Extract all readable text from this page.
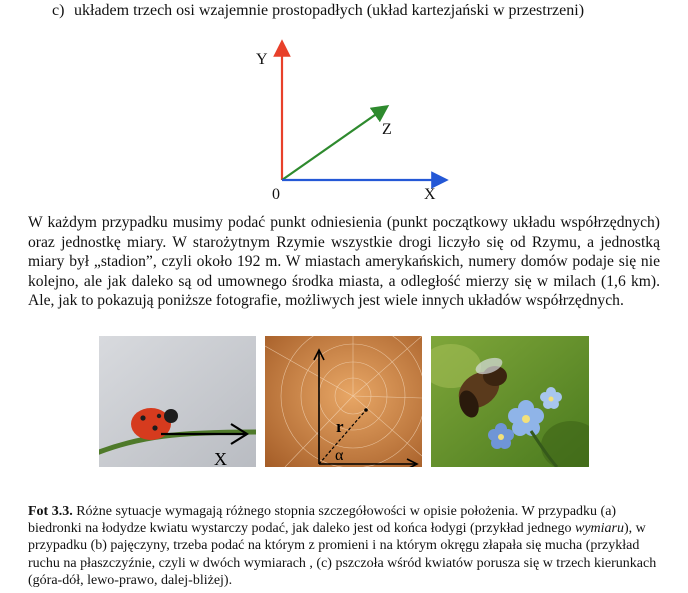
c) układem trzech osi wzajemnie prostopadłych (układ kartezjański w przestrzeni)
Y
Z
X
0
W każdym przypadku musimy podać punkt odniesienia (punkt początkowy układu współrzędnych) oraz jednostkę miary. W starożytnym Rzymie wszystkie drogi liczyło się od Rzymu, a jednostką miary był „stadion”, czyli około 192 m. W miastach amerykańskich, numery domów podaje się nie kolejno, ale jak daleko są od umownego środka miasta, a odległość mierzy się w milach (1,6 km). Ale, jak to pokazują poniższe fotografie, możliwych jest wiele innych układów współrzędnych.
X
r
α
Fot 3.3. Różne sytuacje wymagają różnego stopnia szczegółowości w opisie położenia. W przypadku (a) biedronki na łodydze kwiatu wystarczy podać, jak daleko jest od końca łodygi (przykład jednego wymiaru), w przypadku (b) pajęczyny, trzeba podać na którym z promieni i na którym okręgu złapała się mucha (przykład ruchu na płaszczyźnie, czyli w dwóch wymiarach , (c) pszczoła wśród kwiatów porusza się w trzech kierunkach (góra-dół, lewo-prawo, dalej-bliżej).
